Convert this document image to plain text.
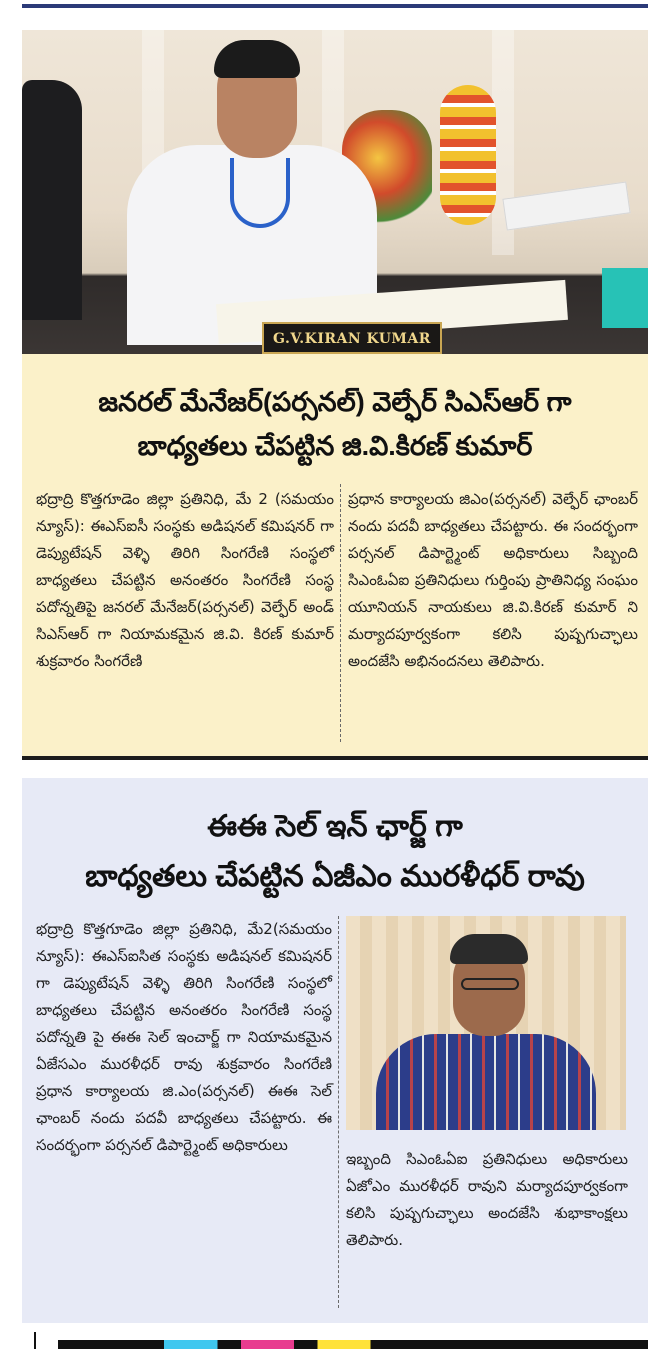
G.V.KIRAN KUMAR
జనరల్ మేనేజర్(పర్సనల్) వెల్ఫేర్ సిఎస్ఆర్ గా
బాధ్యతలు చేపట్టిన జి.వి.కిరణ్ కుమార్
భద్రాద్రి కొత్తగూడెం జిల్లా ప్రతినిధి, మే 2 (సమయం న్యూస్): ఈఎస్ఐసీ సంస్థకు అడిషనల్ కమిషనర్ గా డెప్యుటేషన్ వెళ్ళి తిరిగి సింగరేణి సంస్థలో బాధ్యతలు చేపట్టిన అనంతరం సింగరేణి సంస్థ పదోన్నతిపై జనరల్ మేనేజర్(పర్సనల్) వెల్ఫేర్ అండ్ సిఎస్ఆర్ గా నియామకమైన జి.వి. కిరణ్ కుమార్ శుక్రవారం సింగరేణి
ప్రధాన కార్యాలయ జిఎం(పర్సనల్) వెల్ఫేర్ ఛాంబర్ నందు పదవీ బాధ్యతలు చేపట్టారు. ఈ సందర్భంగా పర్సనల్ డిపార్ట్మెంట్ అధికారులు సిబ్బంది సిఎంఓఏఐ ప్రతినిధులు గుర్తింపు ప్రాతినిధ్య సంఘం యూనియన్ నాయకులు జి.వి.కిరణ్ కుమార్ ని మర్యాదపూర్వకంగా కలిసి పుష్పగుచ్ఛాలు అందజేసి అభినందనలు తెలిపారు.
ఈఈ సెల్ ఇన్ ఛార్జ్ గా
బాధ్యతలు చేపట్టిన ఏజీఎం మురళీధర్ రావు
భద్రాద్రి కొత్తగూడెం జిల్లా ప్రతినిధి, మే2(సమయం న్యూస్): ఈఎస్ఐసిత సంస్థకు అడిషనల్ కమిషనర్ గా డెప్యుటేషన్ వెళ్ళి తిరిగి సింగరేణి సంస్థలో బాధ్యతలు చేపట్టిన అనంతరం సింగరేణి సంస్థ పదోన్నతి పై ఈఈ సెల్ ఇంచార్జ్ గా నియామకమైన ఏజేసఎం మురళీధర్ రావు శుక్రవారం సింగరేణి ప్రధాన కార్యాలయ జి.ఎం(పర్సనల్) ఈఈ సెల్ ఛాంబర్ నందు పదవీ బాధ్యతలు చేపట్టారు. ఈ సందర్భంగా పర్సనల్ డిపార్ట్మెంట్ అధికారులు
ఇబ్బంది సిఎంఓఏఐ ప్రతినిధులు అధికారులు ఏజోఎం మురళీధర్ రావుని మర్యాదపూర్వకంగా కలిసి పుష్పగుచ్ఛాలు అందజేసి శుభాకాంక్షలు తెలిపారు.
